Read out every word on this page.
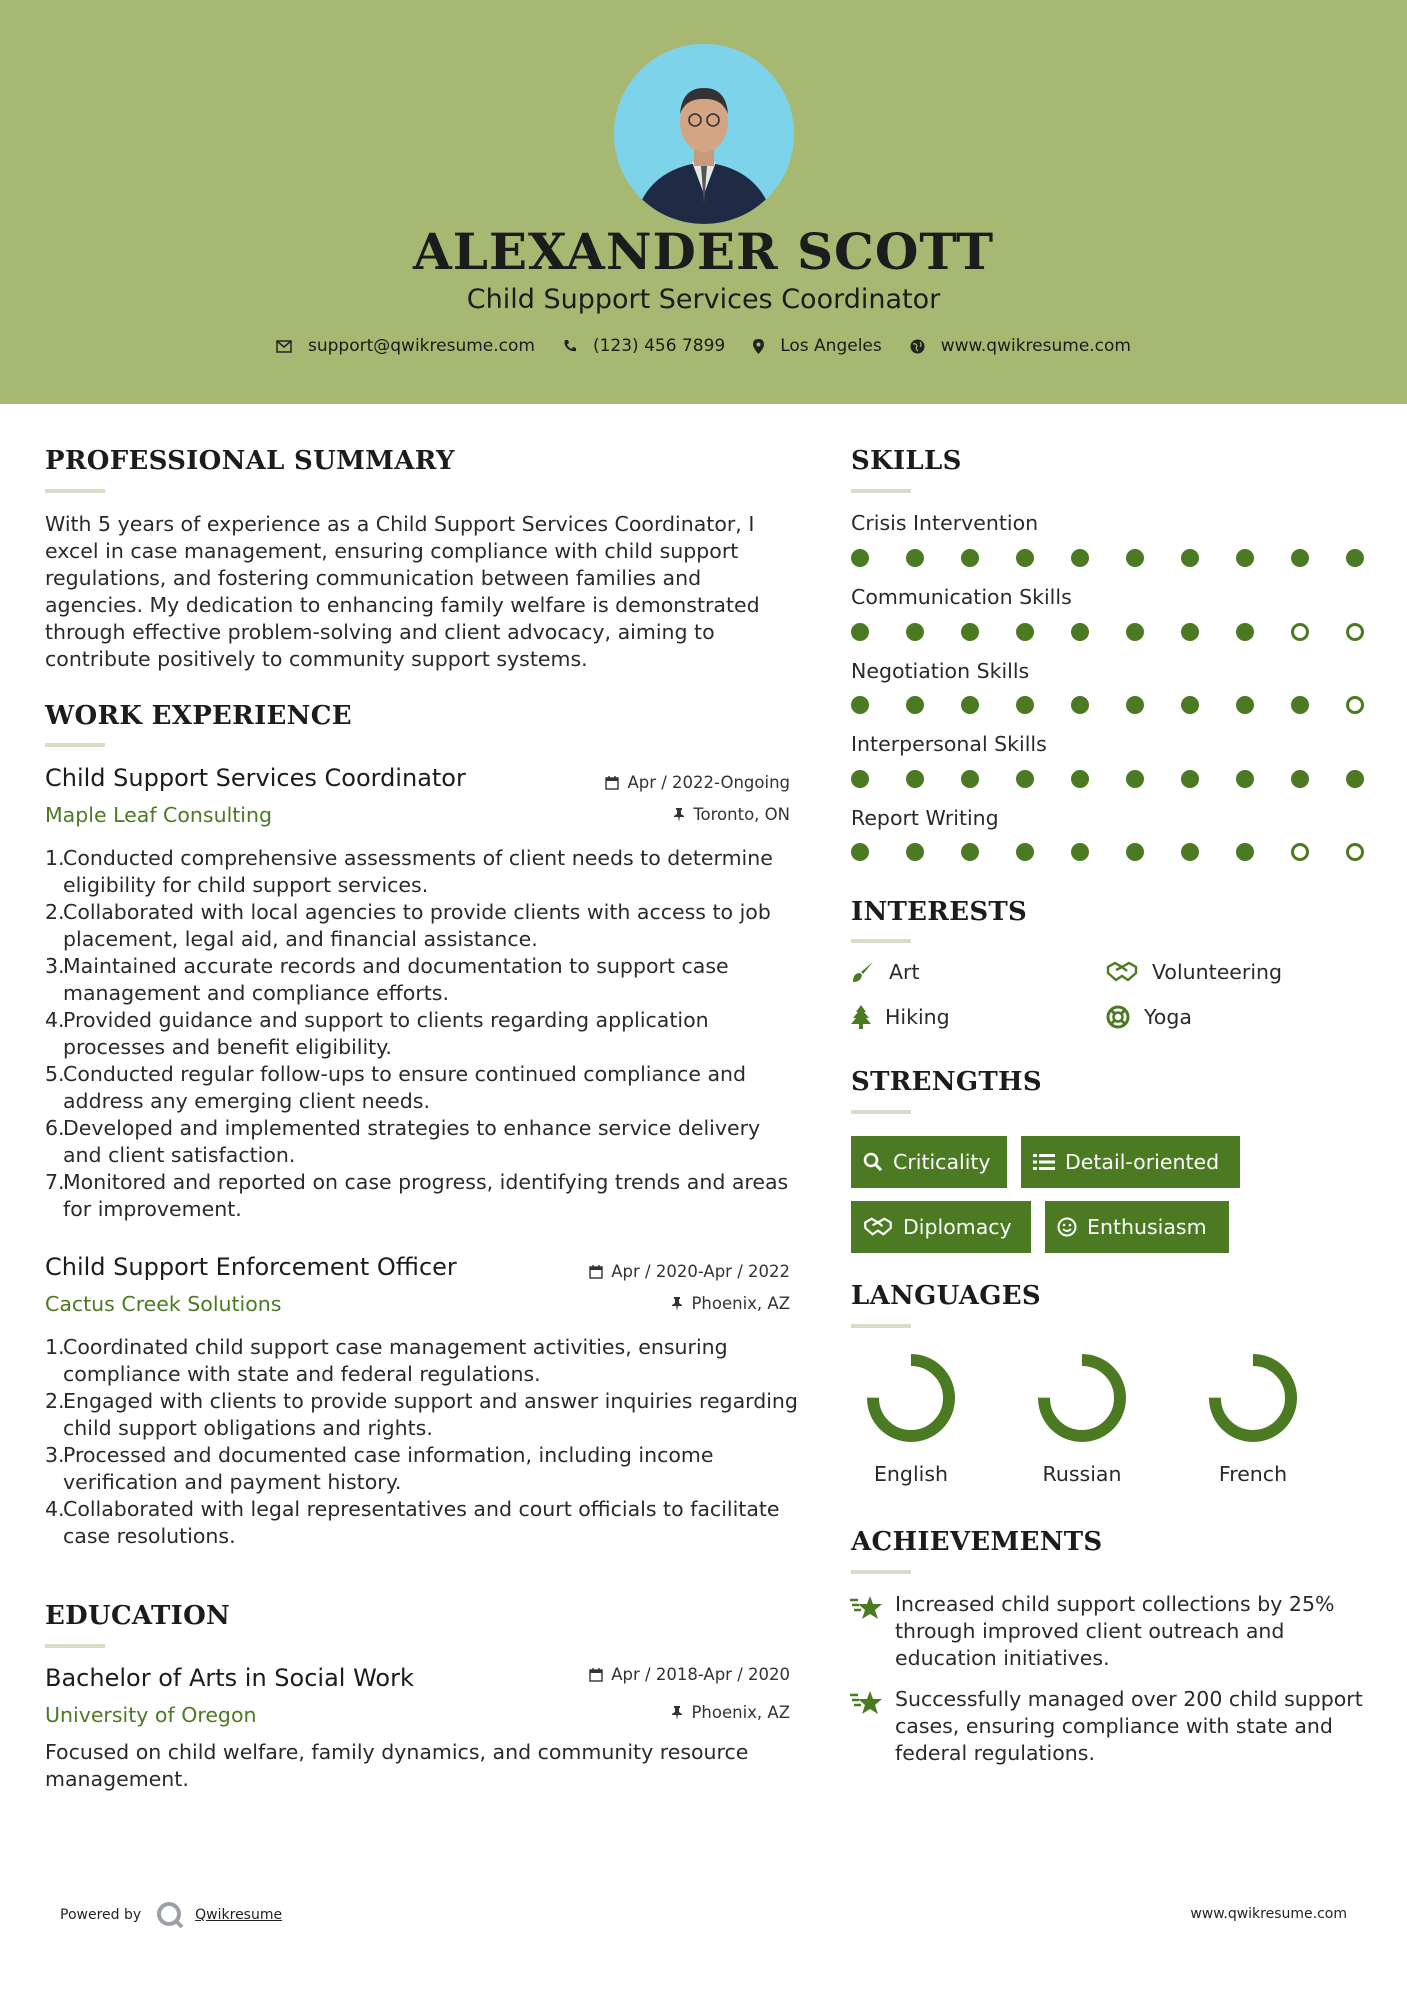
ALEXANDER SCOTT
Child Support Services Coordinator
support@qwikresume.com	(123) 456 7899	Los Angeles	www.qwikresume.com
PROFESSIONAL SUMMARY
With 5 years of experience as a Child Support Services Coordinator, I excel in case management, ensuring compliance with child support regulations, and fostering communication between families and agencies. My dedication to enhancing family welfare is demonstrated through effective problem-solving and client advocacy, aiming to contribute positively to community support systems.
WORK EXPERIENCE
Child Support Services Coordinator	Apr / 2022-Ongoing
Maple Leaf Consulting	Toronto, ON
1.
Conducted comprehensive assessments of client needs to determine eligibility for child support services.
2.
Collaborated with local agencies to provide clients with access to job placement, legal aid, and financial assistance.
3.
Maintained accurate records and documentation to support case management and compliance efforts.
4.
Provided guidance and support to clients regarding application processes and benefit eligibility.
5.
Conducted regular follow-ups to ensure continued compliance and address any emerging client needs.
6.
Developed and implemented strategies to enhance service delivery and client satisfaction.
7.
Monitored and reported on case progress, identifying trends and areas for improvement.
Child Support Enforcement Officer	Apr / 2020-Apr / 2022
Cactus Creek Solutions	Phoenix, AZ
1.
Coordinated child support case management activities, ensuring compliance with state and federal regulations.
2.
Engaged with clients to provide support and answer inquiries regarding child support obligations and rights.
3.
Processed and documented case information, including income verification and payment history.
4.
Collaborated with legal representatives and court officials to facilitate case resolutions.
EDUCATION
Bachelor of Arts in Social Work	Apr / 2018-Apr / 2020
University of Oregon	Phoenix, AZ
Focused on child welfare, family dynamics, and community resource management.
SKILLS
Crisis Intervention
Communication Skills
Negotiation Skills
Interpersonal Skills
Report Writing
INTERESTS
Art	Volunteering
Hiking	Yoga
STRENGTHS
Criticality	Detail-oriented
Diplomacy	Enthusiasm
LANGUAGES
English	Russian	French
ACHIEVEMENTS
Increased child support collections by 25% through improved client outreach and education initiatives.
Successfully managed over 200 child support cases, ensuring compliance with state and federal regulations.
Powered by	Qwikresume	www.qwikresume.com
